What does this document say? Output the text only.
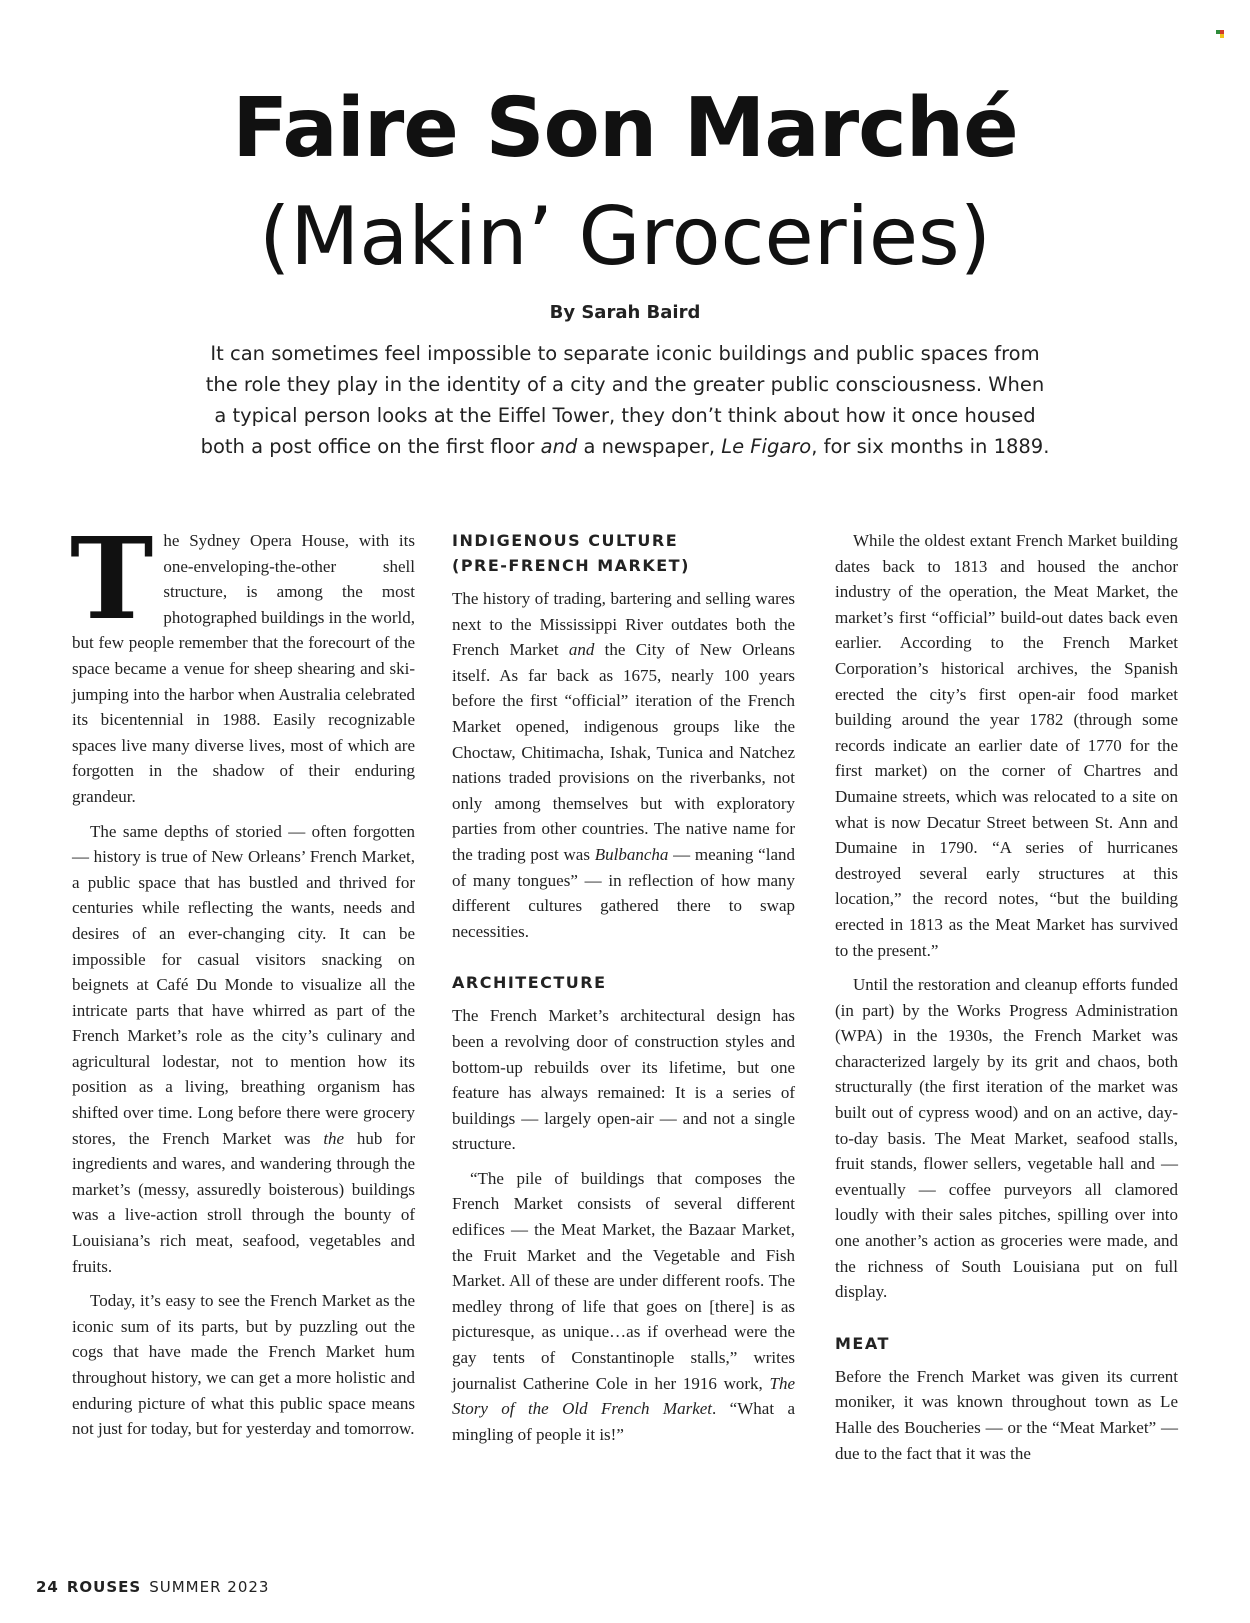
Faire Son Marché
(Makin’ Groceries)
By Sarah Baird

It can sometimes feel impossible to separate iconic buildings and public spaces from the role they play in the identity of a city and the greater public consciousness. When a typical person looks at the Eiffel Tower, they don’t think about how it once housed both a post office on the first floor and a newspaper, Le Figaro, for six months in 1889.

The Sydney Opera House, with its one-enveloping-the-other shell structure, is among the most photographed buildings in the world, but few people remember that the forecourt of the space became a venue for sheep shearing and ski-jumping into the harbor when Australia celebrated its bicentennial in 1988. Easily recognizable spaces live many diverse lives, most of which are forgotten in the shadow of their enduring grandeur.

The same depths of storied — often forgotten — history is true of New Orleans’ French Market, a public space that has bustled and thrived for centuries while reflecting the wants, needs and desires of an ever-changing city. It can be impossible for casual visitors snacking on beignets at Café Du Monde to visualize all the intricate parts that have whirred as part of the French Market’s role as the city’s culinary and agricultural lodestar, not to mention how its position as a living, breathing organism has shifted over time. Long before there were grocery stores, the French Market was the hub for ingredients and wares, and wandering through the market’s (messy, assuredly boisterous) buildings was a live-action stroll through the bounty of Louisiana’s rich meat, seafood, vegetables and fruits.

Today, it’s easy to see the French Market as the iconic sum of its parts, but by puzzling out the cogs that have made the French Market hum throughout history, we can get a more holistic and enduring picture of what this public space means not just for today, but for yesterday and tomorrow.

INDIGENOUS CULTURE
(PRE-FRENCH MARKET)

The history of trading, bartering and selling wares next to the Mississippi River outdates both the French Market and the City of New Orleans itself. As far back as 1675, nearly 100 years before the first “official” iteration of the French Market opened, indigenous groups like the Choctaw, Chitimacha, Ishak, Tunica and Natchez nations traded provisions on the riverbanks, not only among themselves but with exploratory parties from other countries. The native name for the trading post was Bulbancha — meaning “land of many tongues” — in reflection of how many different cultures gathered there to swap necessities.

ARCHITECTURE

The French Market’s architectural design has been a revolving door of construction styles and bottom-up rebuilds over its lifetime, but one feature has always remained: It is a series of buildings — largely open-air — and not a single structure.

“The pile of buildings that composes the French Market consists of several different edifices — the Meat Market, the Bazaar Market, the Fruit Market and the Vegetable and Fish Market. All of these are under different roofs. The medley throng of life that goes on [there] is as picturesque, as unique…as if overhead were the gay tents of Constantinople stalls,” writes journalist Catherine Cole in her 1916 work, The Story of the Old French Market. “What a mingling of people it is!”

While the oldest extant French Market building dates back to 1813 and housed the anchor industry of the operation, the Meat Market, the market’s first “official” build-out dates back even earlier. According to the French Market Corporation’s historical archives, the Spanish erected the city’s first open-air food market building around the year 1782 (through some records indicate an earlier date of 1770 for the first market) on the corner of Chartres and Dumaine streets, which was relocated to a site on what is now Decatur Street between St. Ann and Dumaine in 1790. “A series of hurricanes destroyed several early structures at this location,” the record notes, “but the building erected in 1813 as the Meat Market has survived to the present.”

Until the restoration and cleanup efforts funded (in part) by the Works Progress Administration (WPA) in the 1930s, the French Market was characterized largely by its grit and chaos, both structurally (the first iteration of the market was built out of cypress wood) and on an active, day-to-day basis. The Meat Market, seafood stalls, fruit stands, flower sellers, vegetable hall and — eventually — coffee purveyors all clamored loudly with their sales pitches, spilling over into one another’s action as groceries were made, and the richness of South Louisiana put on full display.

MEAT

Before the French Market was given its current moniker, it was known throughout town as Le Halle des Boucheries — or the “Meat Market” — due to the fact that it was the

24 ROUSES SUMMER 2023
